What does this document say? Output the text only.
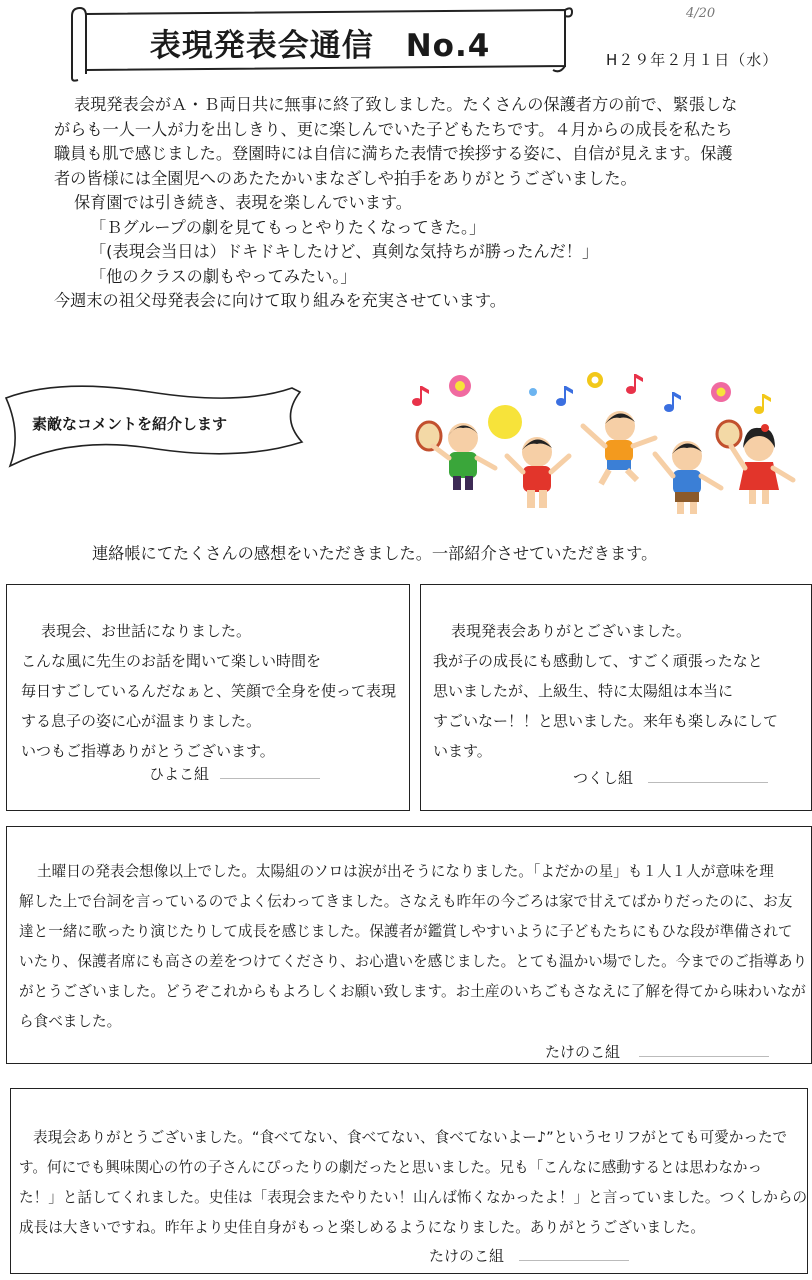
表現発表会通信　No.4
4/20
H２９年２月１日（水）
表現発表会がＡ・Ｂ両日共に無事に終了致しました。たくさんの保護者方の前で、緊張しな
がらも一人一人が力を出しきり、更に楽しんでいた子どもたちです。４月からの成長を私たち
職員も肌で感じました。登園時には自信に満ちた表情で挨拶する姿に、自信が見えます。保護
者の皆様には全園児へのあたたかいまなざしや拍手をありがとうございました。
保育園では引き続き、表現を楽しんでいます。
「Ｂグループの劇を見てもっとやりたくなってきた。」
「(表現会当日は）ドキドキしたけど、真剣な気持ちが勝ったんだ！」
「他のクラスの劇もやってみたい。」
今週末の祖父母発表会に向けて取り組みを充実させています。
素敵なコメントを紹介します
連絡帳にてたくさんの感想をいただきました。一部紹介させていただきます。
表現会、お世話になりました。
こんな風に先生のお話を聞いて楽しい時間を
毎日すごしているんだなぁと、笑顔で全身を使って表現
する息子の姿に心が温まりました。
いつもご指導ありがとうございます。
ひよこ組
表現発表会ありがとございました。
我が子の成長にも感動して、すごく頑張ったなと
思いましたが、上級生、特に太陽組は本当に
すごいなー！！と思いました。来年も楽しみにして
います。
つくし組
土曜日の発表会想像以上でした。太陽組のソロは涙が出そうになりました。「よだかの星」も１人１人が意味を理
解した上で台詞を言っているのでよく伝わってきました。さなえも昨年の今ごろは家で甘えてばかりだったのに、お友
達と一緒に歌ったり演じたりして成長を感じました。保護者が鑑賞しやすいように子どもたちにもひな段が準備されて
いたり、保護者席にも高さの差をつけてくださり、お心遣いを感じました。とても温かい場でした。今までのご指導あり
がとうございました。どうぞこれからもよろしくお願い致します。お土産のいちごもさなえに了解を得てから味わいなが
ら食べました。
たけのこ組
表現会ありがとうございました。“食べてない、食べてない、食べてないよー♪”というセリフがとても可愛かったで
す。何にでも興味関心の竹の子さんにぴったりの劇だったと思いました。兄も「こんなに感動するとは思わなかっ
た！」と話してくれました。史佳は「表現会またやりたい！山んば怖くなかったよ！」と言っていました。つくしからの
成長は大きいですね。昨年より史佳自身がもっと楽しめるようになりました。ありがとうございました。
たけのこ組
